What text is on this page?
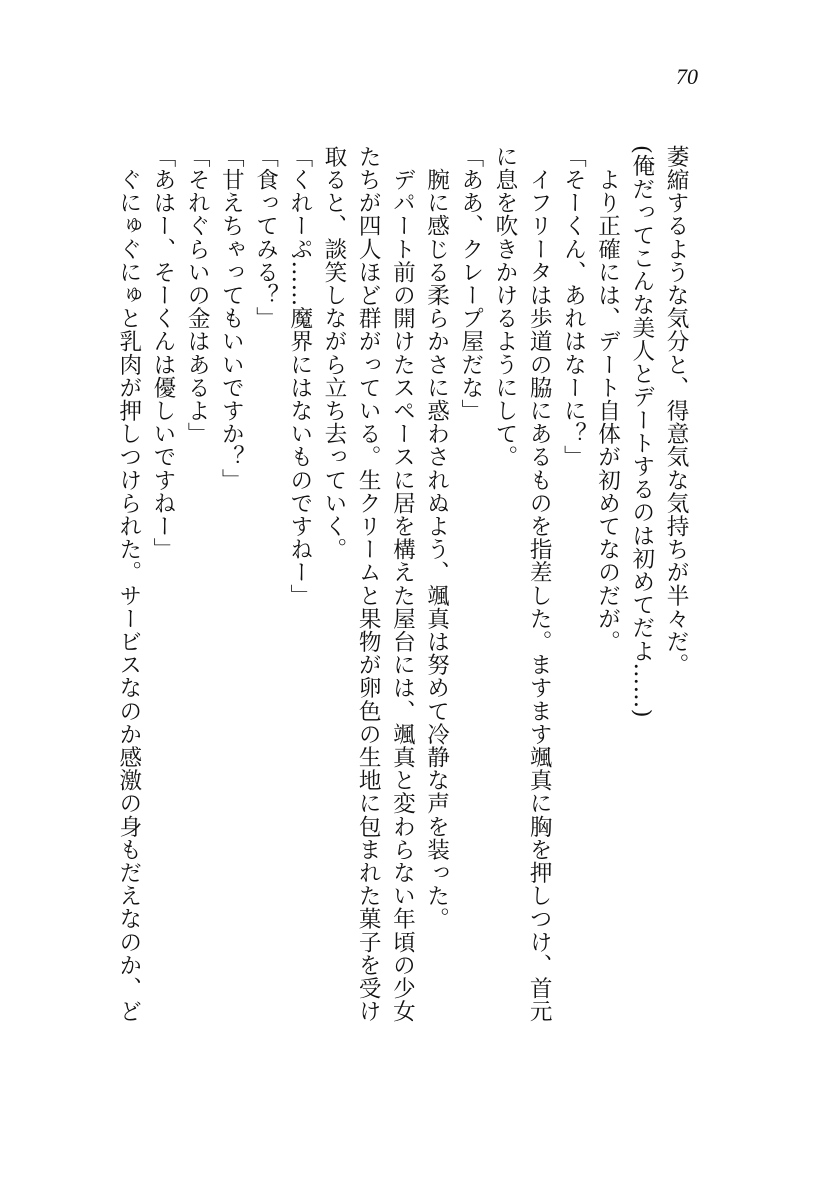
70
萎縮するような気分と、得意気な気持ちが半々だ。
(俺だってこんな美人とデートするのは初めてだよ……)
　より正確には、デート自体が初めてなのだが。
「そーくん、あれはなーに？」
　イフリータは歩道の脇にあるものを指差した。ますます颯真に胸を押しつけ、首元
に息を吹きかけるようにして。
「ああ、クレープ屋だな」
　腕に感じる柔らかさに惑わされぬよう、颯真は努めて冷静な声を装った。
　デパート前の開けたスペースに居を構えた屋台には、颯真と変わらない年頃の少女
たちが四人ほど群がっている。生クリームと果物が卵色の生地に包まれた菓子を受け
取ると、談笑しながら立ち去っていく。
「くれーぷ……魔界にはないものですねー」
「食ってみる？」
「甘えちゃってもいいですか？」
「それぐらいの金はあるよ」
「あはー、そーくんは優しいですねー」
　ぐにゅぐにゅと乳肉が押しつけられた。サービスなのか感激の身もだえなのか、ど
